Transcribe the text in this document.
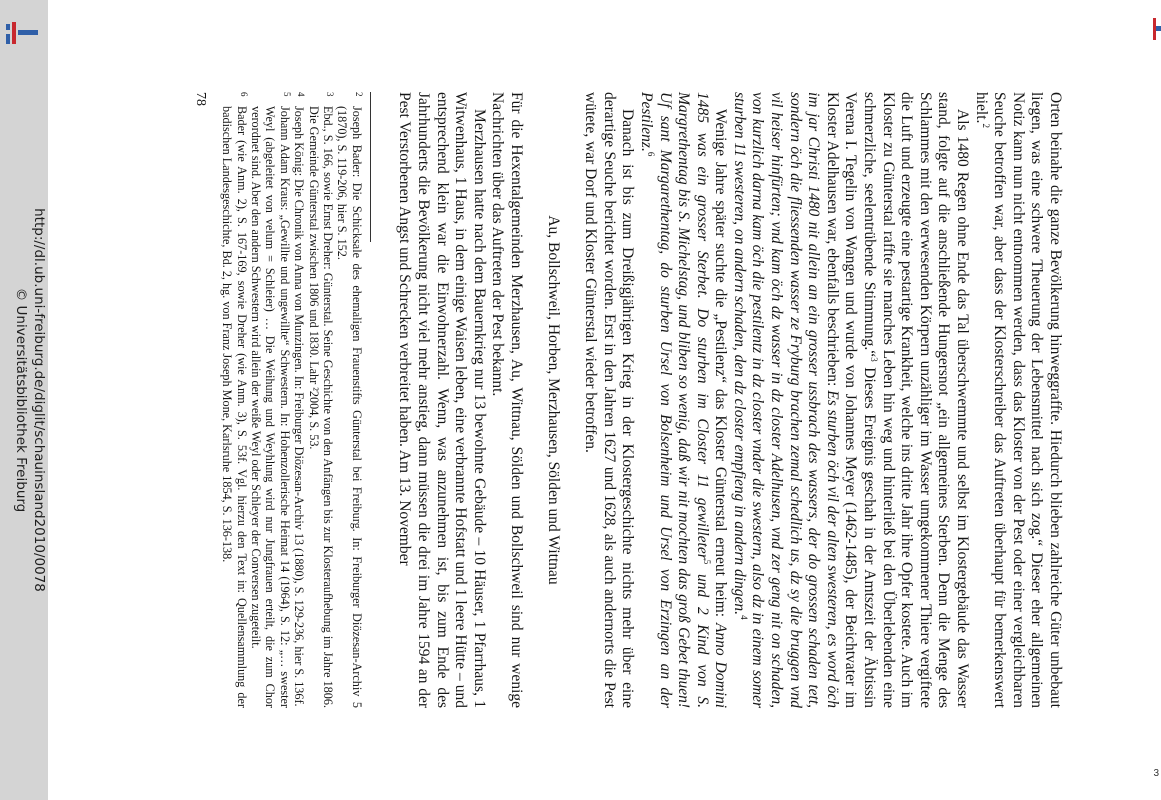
3
http://dl.ub.uni-freiburg.de/diglit/schauinsland2010/0078
© Universitätsbibliothek Freiburg	Orten beinahe die ganze Bevölkerung hinweggraffte. Hiedurch blieben zahlreiche Güter unbebaut liegen, was eine schwere Theuerung der Lebensmittel nach sich zog.“ Dieser eher allgemeinen Notiz kann nun nicht entnommen werden, dass das Kloster von der Pest oder einer vergleichbaren Seuche betroffen war, aber dass der Klosterschreiber das Auftreten überhaupt für bemerkenswert hielt.$^2$

Als 1480 Regen ohne Ende das Tal überschwemmte und selbst im Klostergebäude das Wasser stand, folgte auf die anschließende Hungersnot „ein allgemeines Sterben. Denn die Menge des Schlammes mit den verwesenden Körpern unzähliger im Wasser umgekommener Thiere vergiftete die Luft und erzeugte eine pestartige Krankheit, welche ins dritte Jahr ihre Opfer kostete. Auch im Kloster zu Günterstal raffte sie manches Leben hin weg und hinterließ bei den Überlebenden eine schmerzliche, seelentrübende Stimmung.“$^3$ Dieses Ereignis geschah in der Amtszeit der Äbtissin Verena I. Tegelin von Wangen und wurde von Johannes Meyer (1462-1485), der Beichtvater im Kloster Adelhausen war, ebenfalls beschrieben: Es sturben öch vil der alten swesteren, es word öch im jar Christi 1480 nit allein an ein grosser ussbrach des wassers, der do grossen schaden tett, sondern öch die fliessenden wasser ze Fryburg brachen zemal schedlich us, dz sy die bruggen vnd vil heiser hinfürten; vnd kam öch dz wasser in dz closter Adelhusen, vnd zer geng nit on schaden, von kurzlich darna kam öch die pestilentz in dz closter vnder die swestern, also dz in einem somer sturben 11 swesteren, on andern schaden, den dz closter empfieng in andern dingen.$^4$

Wenige Jahre später suchte die „Pestilenz“ das Kloster Günterstal erneut heim: Anno Domini 1485 was ein grosser Sterbet. Do sturben im Closter 11 gewilleter$^5$ und 2 Kind von S. Margrethentag bis S. Michelstag, und bliben so wenig, daß wir nit mochten das groß Gebet thuen! Uf sant Margarethentag, do sturben Ursel von Bolsenheim und Ursel von Erzingen an der Pestilenz.$^6$

Danach ist bis zum Dreißigjährigen Krieg in der Klostergeschichte nichts mehr über eine derartige Seuche berichtet worden. Erst in den Jahren 1627 und 1628, als auch andernorts die Pest wütete, war Dorf und Kloster Günterstal wieder betroffen.

Au, Bollschweil, Horben, Merzhausen, Sölden und Wittnau

Für die Hexentalgemeinden Merzhausen, Au, Wittnau, Sölden und Bollschweil sind nur wenige Nachrichten über das Auftreten der Pest bekannt.

Merzhausen hatte nach dem Bauernkrieg nur 13 bewohnte Gebäude – 10 Häuser, 1 Pfarrhaus, 1 Witwenhaus, 1 Haus, in dem einige Waisen leben, eine verbrannte Hofstatt und 1 leere Hütte – und entsprechend klein war die Einwohnerzahl. Wenn, was anzunehmen ist, bis zum Ende des Jahrhunderts die Bevölkerung nicht viel mehr anstieg, dann müssen die drei im Jahre 1594 an der Pest Verstorbenen Angst und Schrecken verbreitet haben. Am 13. November

2
Joseph Bader: Die Schicksale des ehemaligen Frauenstifts Günterstal bei Freiburg. In: Freiburger Diözesan-Archiv 5 (1870), S. 119-206, hier S. 152.
3
Ebd., S. 166, sowie Ernst Dreher: Günterstal. Seine Geschichte von den Anfängen bis zur Klosteraufhebung im Jahre 1806. Die Gemeinde Günterstal zwischen 1806 und 1830. Lahr ²2004, S. 53.
4
Joseph König: Die Chronik von Anna von Munzingen. In: Freiburger Diözesan-Archiv 13 (1880), S. 129-236, hier S. 136f.
5
Johann Adam Kraus: „Gewillte und ungewillte“ Schwestern. In: Hohenzollerische Heimat 14 (1964), S. 12: „… swester Weyl (abgeleitet von velum = Schleier) … Die Weihung und Weyhlung wird nur Jungfrauen erteilt, die zum Chor verordnet sind. Aber den andern Schwestern wird allein der weiße Weyl oder Schleyer der Conversen zugeteilt.
6
Bader (wie Anm. 2), S. 167-169, sowie Dreher (wie Anm. 3), S. 53f. Vgl. hierzu den Text in: Quellensammlung der badischen Landesgeschichte, Bd. 2, hg. von Franz Joseph Mone, Karlsruhe 1854, S. 136-138.
78
